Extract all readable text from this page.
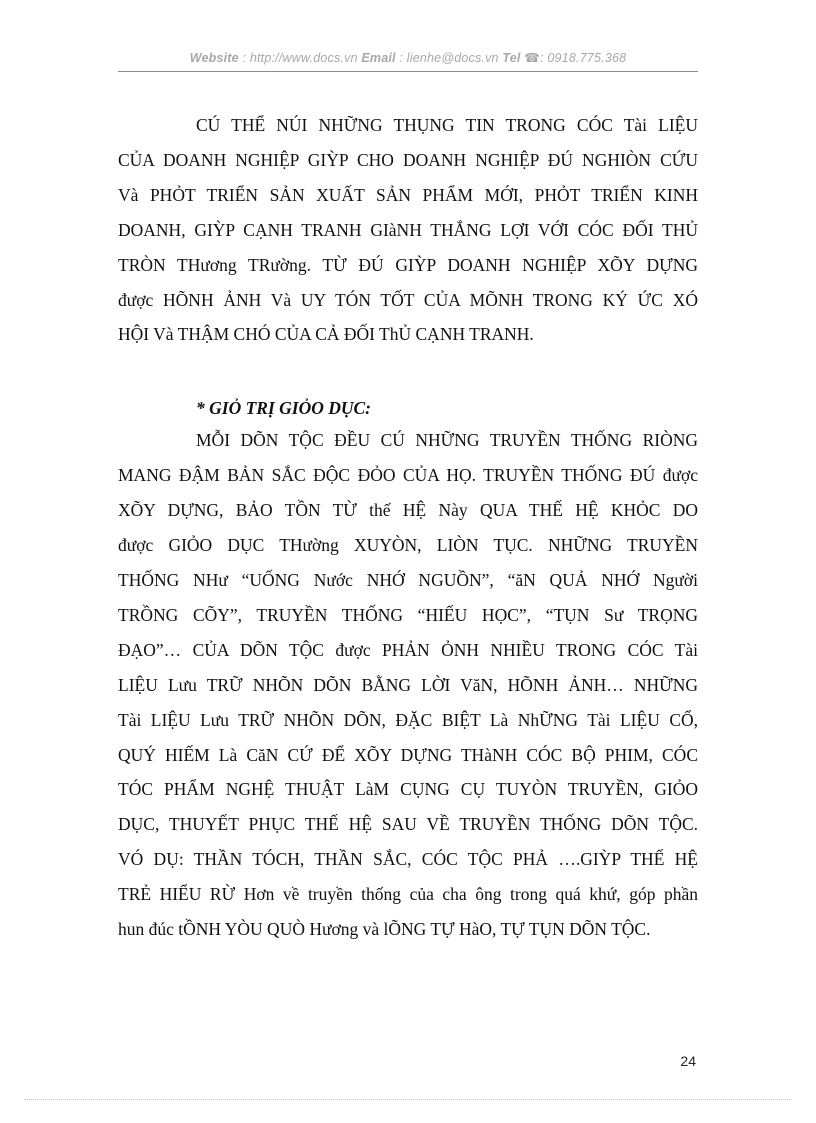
Website : http://www.docs.vn Email : lienhe@docs.vn Tel ☎: 0918.775.368

CÚ THỂ NÚI NHỮNG THỤNG TIN TRONG CÓC Tài LIỆU
CỦA DOANH NGHIỆP GIỲP CHO DOANH NGHIỆP ĐÚ NGHIÒN CỨU
Và PHỎT TRIỂN SẢN XUẤT SẢN PHẨM MỚI, PHỎT TRIỂN KINH
DOANH, GIỲP CẠNH TRANH GIàNH THẮNG LỢI VỚI CÓC ĐỐI THỦ
TRÒN THương TRường. TỪ ĐÚ GIỲP DOANH NGHIỆP XÕY DỰNG
được HÕNH ẢNH Và UY TÓN TỐT CỦA MÕNH TRONG KÝ ỨC XÓ
HỘI Và THẬM CHÓ CỦA CẢ ĐỐI ThỦ CẠNH TRANH.

* GIỎ TRỊ GIỎO DỤC:

MỖI DÕN TỘC ĐỀU CÚ NHỮNG TRUYỀN THỐNG RIÒNG
MANG ĐẬM BẢN SẮC ĐỘC ĐỎO CỦA HỌ. TRUYỀN THỐNG ĐÚ được
XÕY DỰNG, BẢO TỒN TỪ thế HỆ Này QUA THẾ HỆ KHỎC DO
được GIỎO DỤC THường XUYÒN, LIÒN TỤC. NHỮNG TRUYỀN
THỐNG NHư “UỐNG Nước NHỚ NGUỒN”, “ăN QUẢ NHỚ Người
TRỒNG CÕY”, TRUYỀN THỐNG “HIẾU HỌC”, “TỤN Sư TRỌNG
ĐẠO”… CỦA DÕN TỘC được PHẢN ỎNH NHIỀU TRONG CÓC Tài
LIỆU Lưu TRỮ NHÕN DÕN BẰNG LỜI VăN, HÕNH ẢNH… NHỮNG
Tài LIỆU Lưu TRỮ NHÕN DÕN, ĐẶC BIỆT Là NhỮNG Tài LIỆU CỔ,
QUÝ HIẾM Là CăN CỨ ĐỂ XÕY DỰNG THàNH CÓC BỘ PHIM, CÓC
TÓC PHẨM NGHỆ THUẬT LàM CỤNG CỤ TUYÒN TRUYỀN, GIỎO
DỤC, THUYẾT PHỤC THẾ HỆ SAU VỀ TRUYỀN THỐNG DÕN TỘC.
VÓ DỤ: THẦN TÓCH, THẦN SẮC, CÓC TỘC PHẢ ….GIỲP THẾ HỆ
TRẺ HIỂU RỪ Hơn về truyền thống của cha ông trong quá khứ, góp phần
hun đúc tỒNH YÒU QUÒ Hương và lÕNG TỰ HàO, TỰ TỤN DÕN TỘC.

24
